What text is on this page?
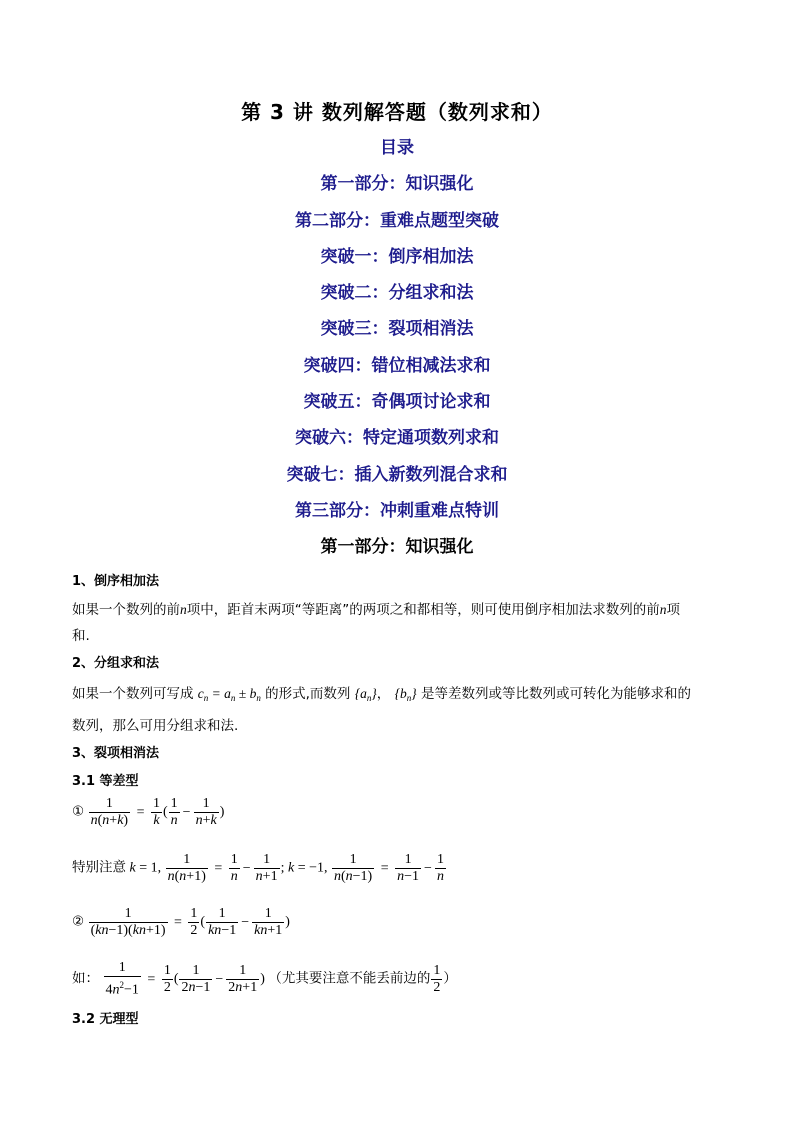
第 3 讲 数列解答题（数列求和）
目录
第一部分：知识强化
第二部分：重难点题型突破
突破一：倒序相加法
突破二：分组求和法
突破三：裂项相消法
突破四：错位相减法求和
突破五：奇偶项讨论求和
突破六：特定通项数列求和
突破七：插入新数列混合求和
第三部分：冲刺重难点特训
第一部分：知识强化
1、倒序相加法
如果一个数列的前n项中，距首末两项“等距离”的两项之和都相等，则可使用倒序相加法求数列的前n项
和.
2、分组求和法
如果一个数列可写成 $c_n = a_n \pm b_n$ 的形式,而数列 $\{a_n\}$， $\{b_n\}$ 是等差数列或等比数列或可转化为能够求和的
数列，那么可用分组求和法.
3、裂项相消法
3.1 等差型
① $\frac{1}{n(n+k)} = \frac{1}{k}$ ( $\frac{1}{n} - \frac{1}{n+k}$ )
特别注意 k = 1, $\frac{1}{n(n+1)} = \frac{1}{n} - \frac{1}{n+1}$ ; k = −1, $\frac{1}{n(n-1)} = \frac{1}{n-1} - \frac{1}{n}$
② $\frac{1}{(kn-1)(kn+1)} = \frac{1}{2}$ ( $\frac{1}{kn-1} - \frac{1}{kn+1}$ )
如： $\frac{1}{4n^2-1} = \frac{1}{2}$ ( $\frac{1}{2n-1} - \frac{1}{2n+1}$ ) （尤其要注意不能丢前边的 $\frac{1}{2}$ ）
3.2 无理型
